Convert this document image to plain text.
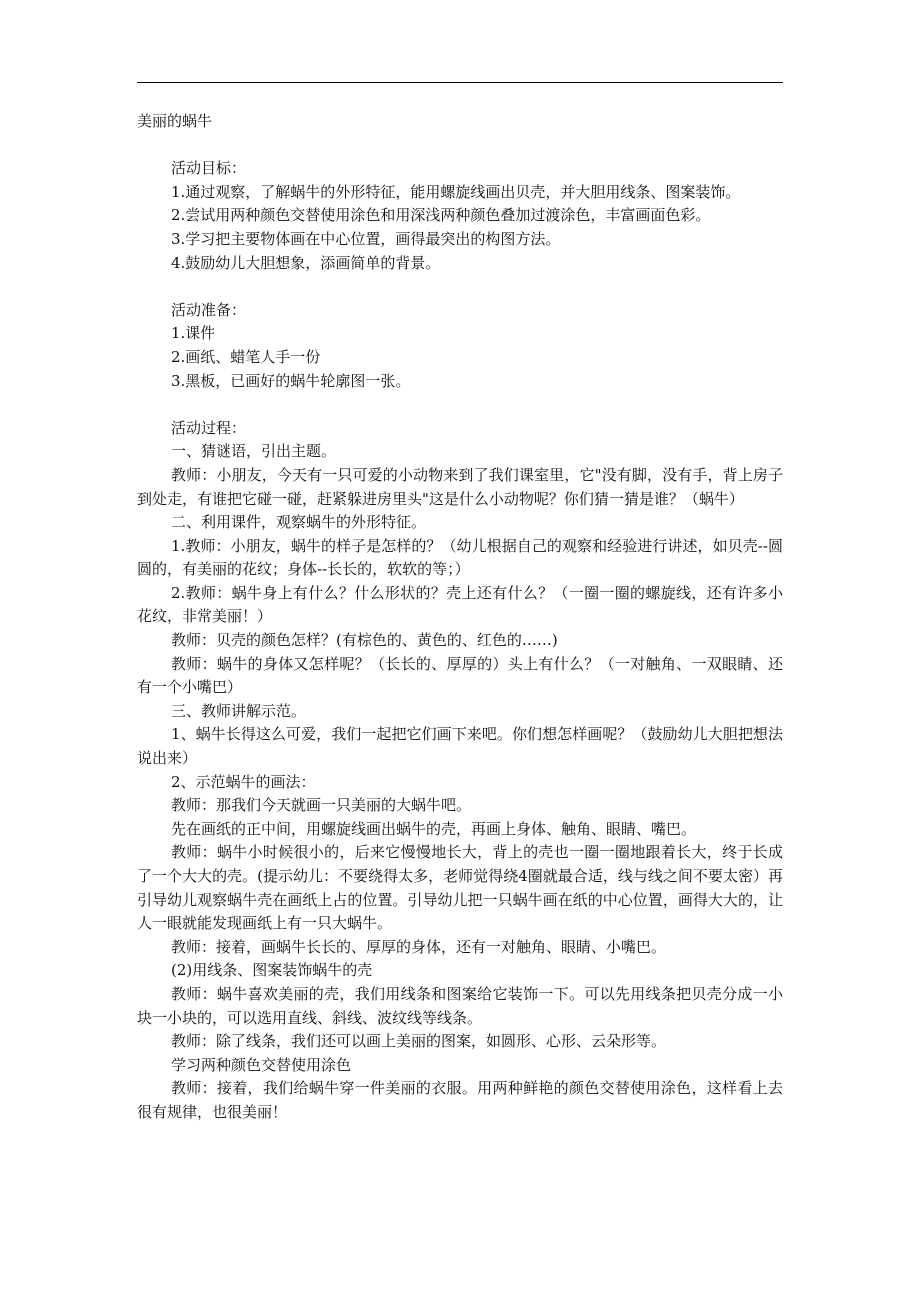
美丽的蜗牛
活动目标：
1.通过观察，了解蜗牛的外形特征，能用螺旋线画出贝壳，并大胆用线条、图案装饰。
2.尝试用两种颜色交替使用涂色和用深浅两种颜色叠加过渡涂色，丰富画面色彩。
3.学习把主要物体画在中心位置，画得最突出的构图方法。
4.鼓励幼儿大胆想象，添画简单的背景。
活动准备：
1.课件
2.画纸、蜡笔人手一份
3.黑板，已画好的蜗牛轮廓图一张。
活动过程：
一、猜谜语，引出主题。
教师：小朋友，今天有一只可爱的小动物来到了我们课室里，它"没有脚，没有手，背上房子到处走，有谁把它碰一碰，赶紧躲进房里头"这是什么小动物呢？你们猜一猜是谁？（蜗牛）
二、利用课件，观察蜗牛的外形特征。
1.教师：小朋友，蜗牛的样子是怎样的？（幼儿根据自己的观察和经验进行讲述，如贝壳--圆圆的，有美丽的花纹；身体--长长的，软软的等；）
2.教师：蜗牛身上有什么？什么形状的？壳上还有什么？（一圈一圈的螺旋线，还有许多小花纹，非常美丽！）
教师：贝壳的颜色怎样？(有棕色的、黄色的、红色的……)
教师：蜗牛的身体又怎样呢？（长长的、厚厚的）头上有什么？（一对触角、一双眼睛、还有一个小嘴巴）
三、教师讲解示范。
1、蜗牛长得这么可爱，我们一起把它们画下来吧。你们想怎样画呢？（鼓励幼儿大胆把想法说出来）
2、示范蜗牛的画法：
教师：那我们今天就画一只美丽的大蜗牛吧。
先在画纸的正中间，用螺旋线画出蜗牛的壳，再画上身体、触角、眼睛、嘴巴。
教师：蜗牛小时候很小的，后来它慢慢地长大，背上的壳也一圈一圈地跟着长大，终于长成了一个大大的壳。(提示幼儿：不要绕得太多，老师觉得绕4圈就最合适，线与线之间不要太密）再引导幼儿观察蜗牛壳在画纸上占的位置。引导幼儿把一只蜗牛画在纸的中心位置，画得大大的，让人一眼就能发现画纸上有一只大蜗牛。
教师：接着，画蜗牛长长的、厚厚的身体，还有一对触角、眼睛、小嘴巴。
(2)用线条、图案装饰蜗牛的壳
教师：蜗牛喜欢美丽的壳，我们用线条和图案给它装饰一下。可以先用线条把贝壳分成一小块一小块的，可以选用直线、斜线、波纹线等线条。
教师：除了线条，我们还可以画上美丽的图案，如圆形、心形、云朵形等。
学习两种颜色交替使用涂色
教师：接着，我们给蜗牛穿一件美丽的衣服。用两种鲜艳的颜色交替使用涂色，这样看上去很有规律，也很美丽！
